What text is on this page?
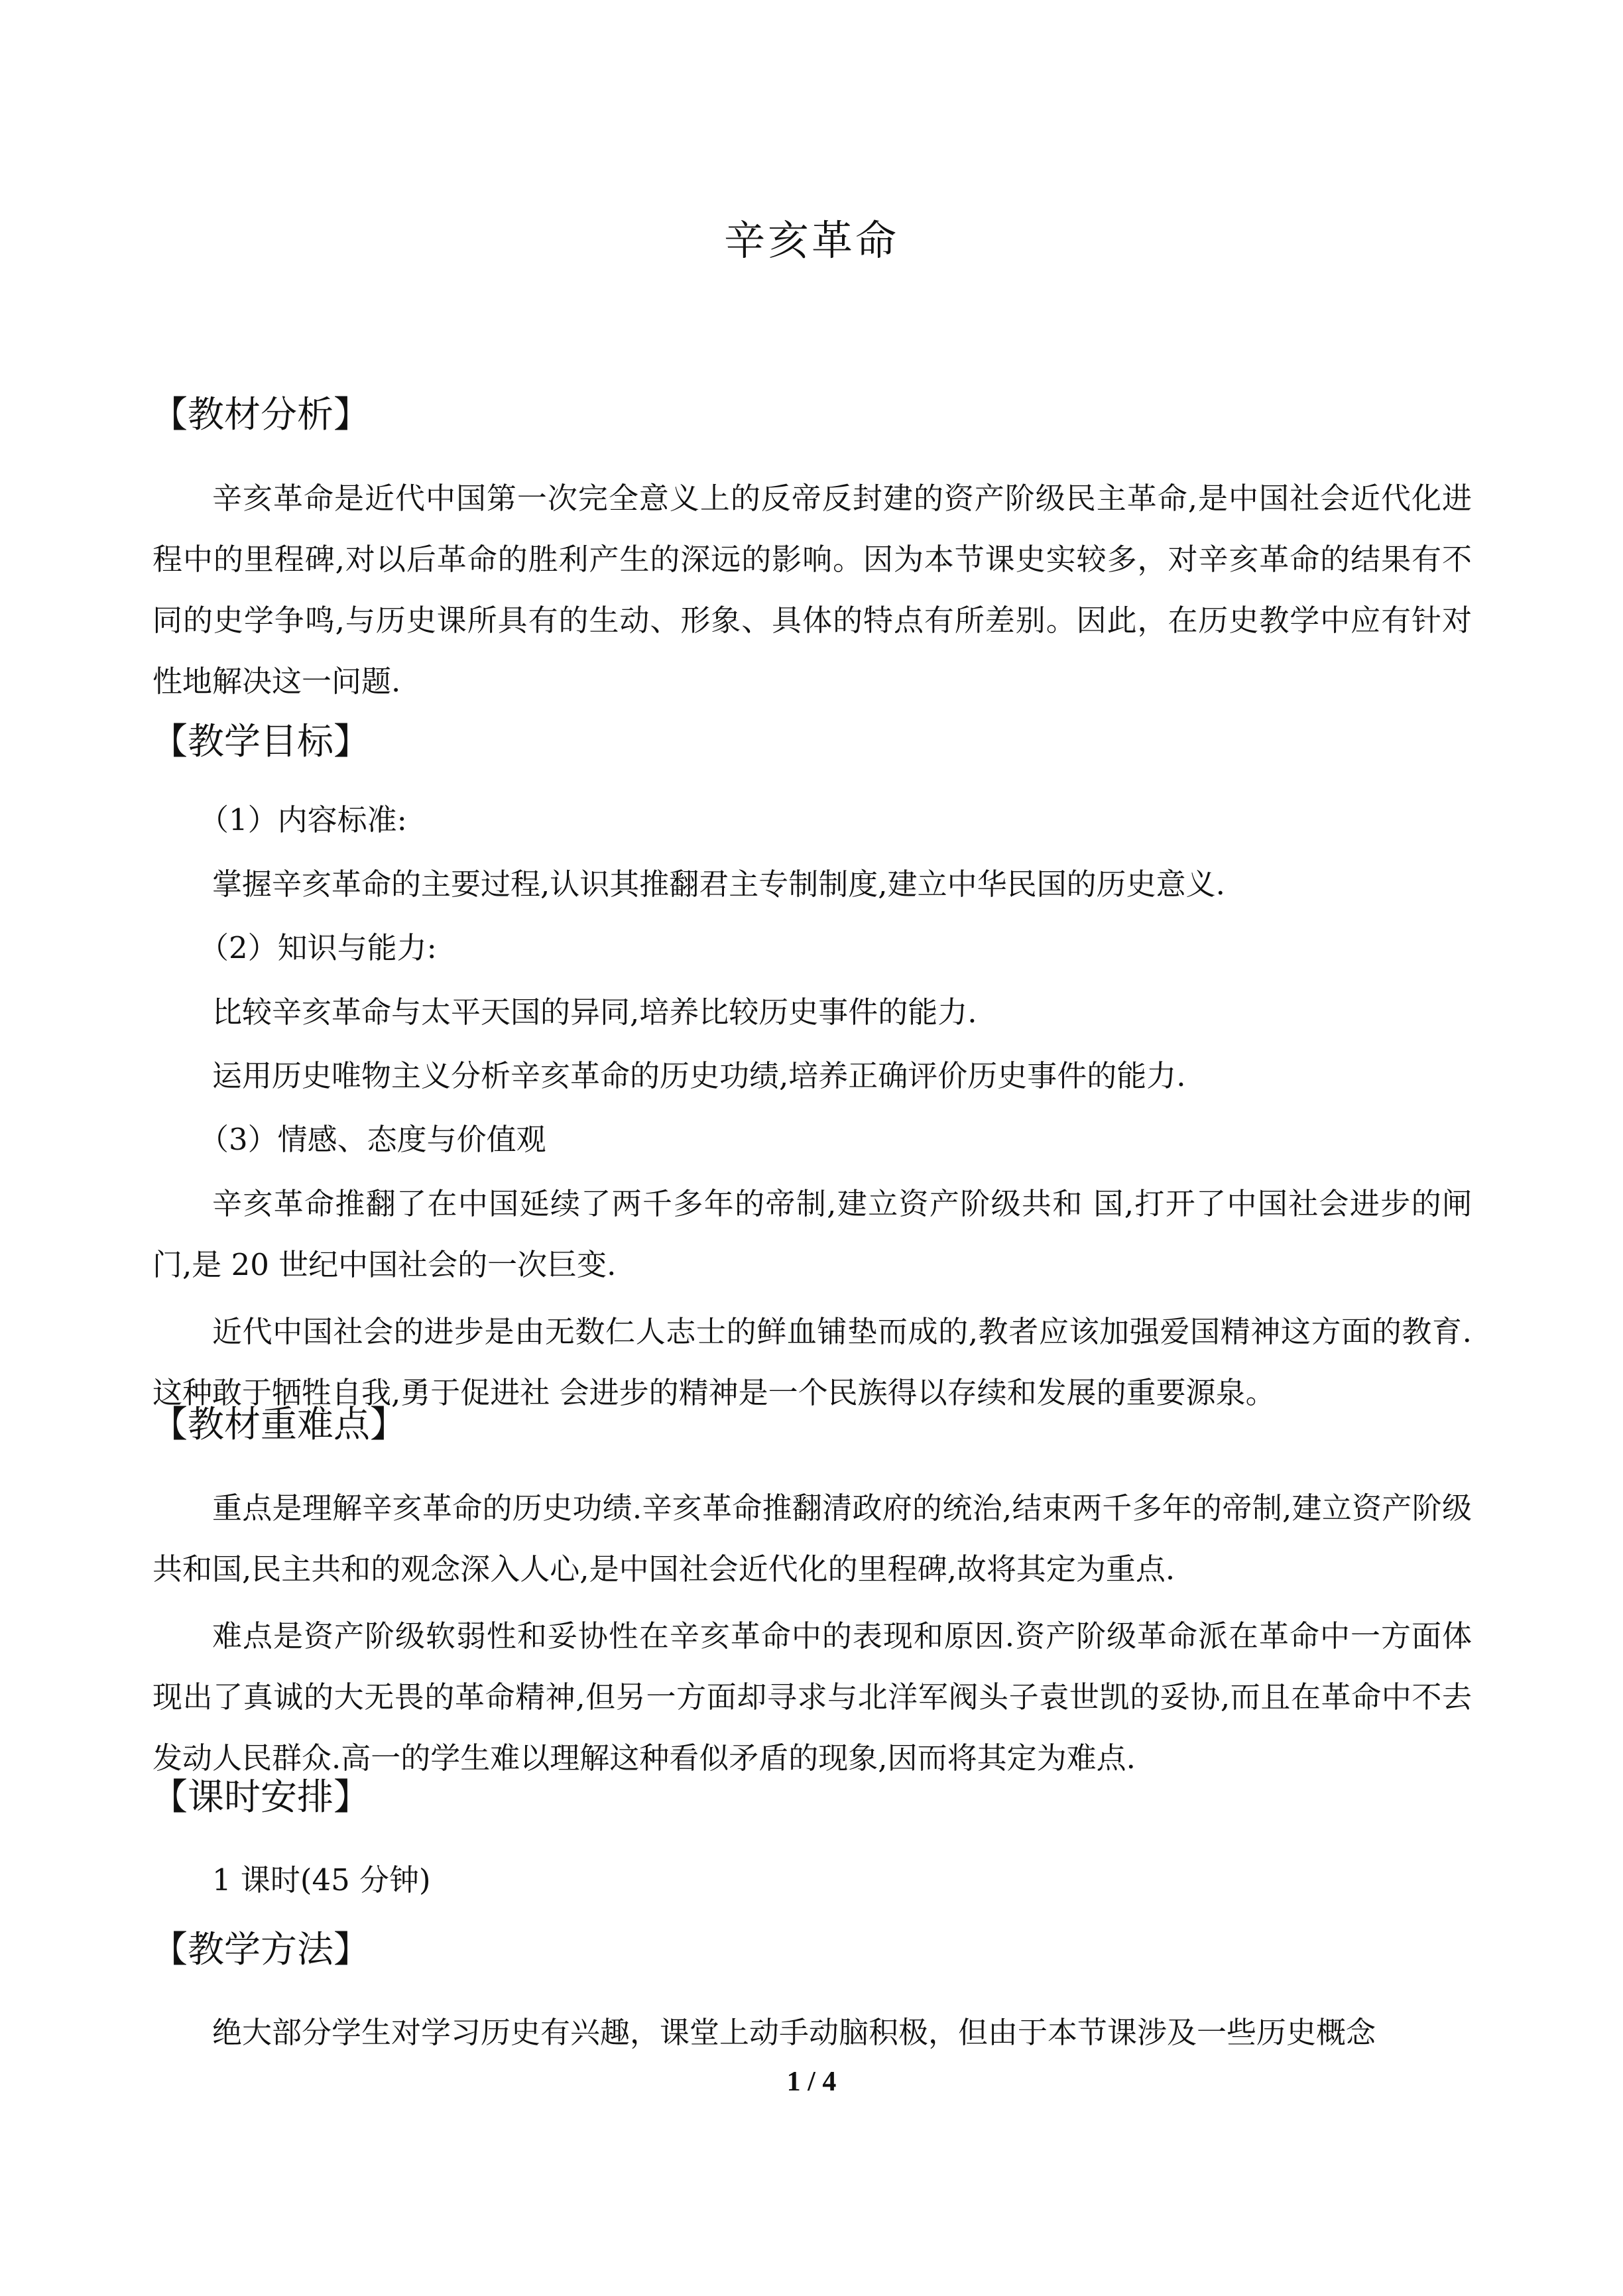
辛亥革命
【教材分析】

辛亥革命是近代中国第一次完全意义上的反帝反封建的资产阶级民主革命,是中国社会近代化进程中的里程碑,对以后革命的胜利产生的深远的影响。因为本节课史实较多，对辛亥革命的结果有不同的史学争鸣,与历史课所具有的生动、形象、具体的特点有所差别。因此，在历史教学中应有针对性地解决这一问题.

【教学目标】

（1）内容标准:

掌握辛亥革命的主要过程,认识其推翻君主专制制度,建立中华民国的历史意义.

（2）知识与能力:

比较辛亥革命与太平天国的异同,培养比较历史事件的能力.

运用历史唯物主义分析辛亥革命的历史功绩,培养正确评价历史事件的能力.

（3）情感、态度与价值观

辛亥革命推翻了在中国延续了两千多年的帝制,建立资产阶级共和 国,打开了中国社会进步的闸门,是 20 世纪中国社会的一次巨变.

近代中国社会的进步是由无数仁人志士的鲜血铺垫而成的,教者应该加强爱国精神这方面的教育.这种敢于牺牲自我,勇于促进社 会进步的精神是一个民族得以存续和发展的重要源泉。

【教材重难点】

重点是理解辛亥革命的历史功绩.辛亥革命推翻清政府的统治,结束两千多年的帝制,建立资产阶级共和国,民主共和的观念深入人心,是中国社会近代化的里程碑,故将其定为重点.

难点是资产阶级软弱性和妥协性在辛亥革命中的表现和原因.资产阶级革命派在革命中一方面体现出了真诚的大无畏的革命精神,但另一方面却寻求与北洋军阀头子袁世凯的妥协,而且在革命中不去发动人民群众.高一的学生难以理解这种看似矛盾的现象,因而将其定为难点.

【课时安排】

1 课时(45 分钟)

【教学方法】

绝大部分学生对学习历史有兴趣，课堂上动手动脑积极，但由于本节课涉及一些历史概念

1 / 4
